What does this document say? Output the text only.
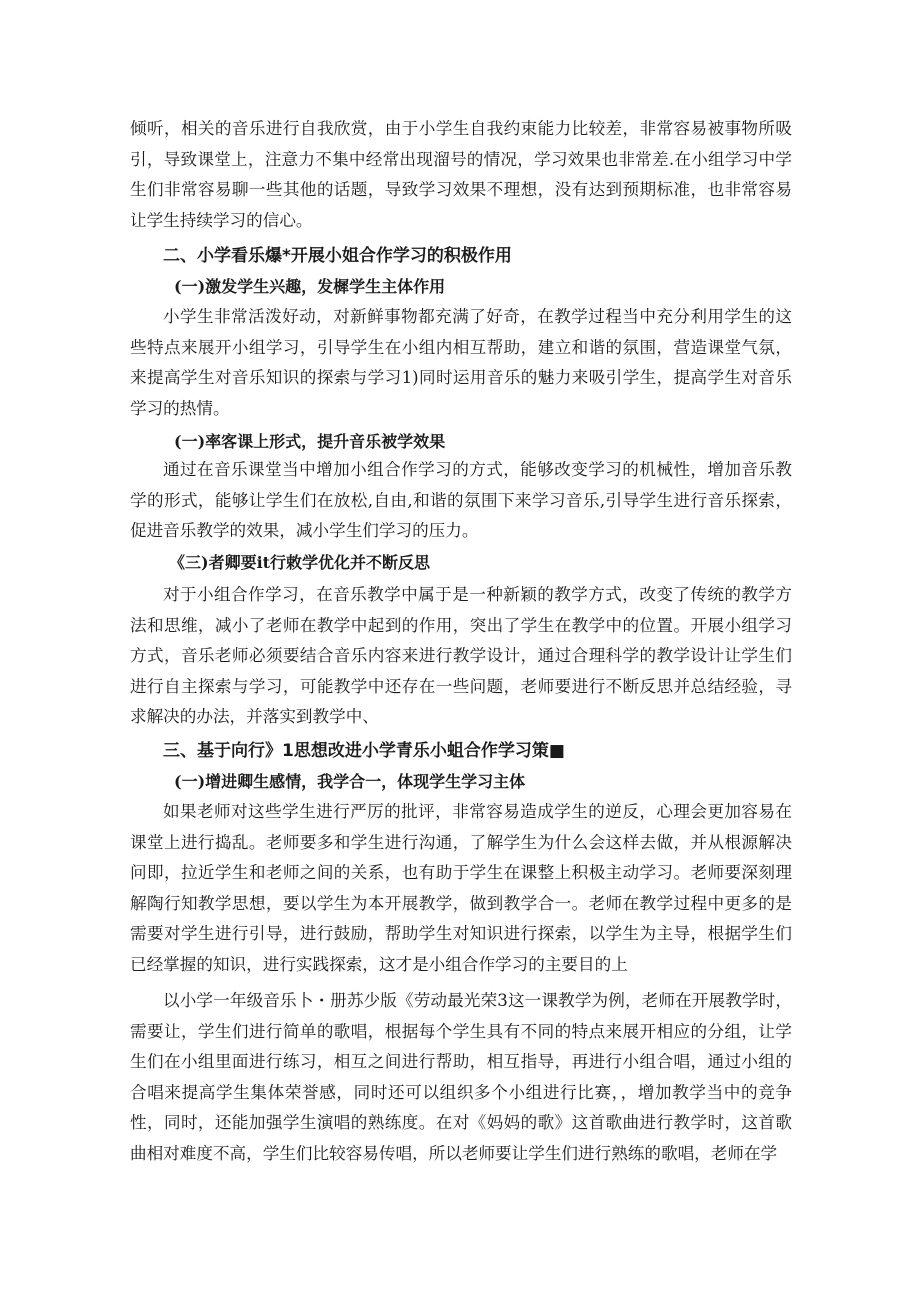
倾听，相关的音乐进行自我欣赏，由于小学生自我约束能力比较差，非常容易被事物所吸引，导致课堂上，注意力不集中经常出现溜号的情况，学习效果也非常差.在小组学习中学生们非常容易聊一些其他的话题，导致学习效果不理想，没有达到预期标准，也非常容易让学生持续学习的信心。

二、小学看乐爆*开展小姐合作学习的积极作用
(一)激发学生兴趣，发樨学生主体作用

小学生非常活泼好动，对新鲜事物都充满了好奇，在教学过程当中充分利用学生的这些特点来展开小组学习，引导学生在小组内相互帮助，建立和谐的氛围，营造课堂气氛，来提高学生对音乐知识的探索与学习1)同时运用音乐的魅力来吸引学生，提高学生对音乐学习的热情。

(一)率客课上形式，提升音乐被学效果

通过在音乐课堂当中增加小组合作学习的方式，能够改变学习的机械性，增加音乐教学的形式，能够让学生们在放松,自由,和谐的氛围下来学习音乐,引导学生进行音乐探索，促进音乐教学的效果，减小学生们学习的压力。

《三)者卿要it行敕学优化并不断反思

对于小组合作学习，在音乐教学中属于是一种新颖的教学方式，改变了传统的教学方法和思维，减小了老师在教学中起到的作用，突出了学生在教学中的位置。开展小组学习方式，音乐老师必须要结合音乐内容来进行教学设计，通过合理科学的教学设计让学生们进行自主探索与学习，可能教学中还存在一些问题，老师要进行不断反思并总结经验，寻求解决的办法，并落实到教学中、

三、基于向行》1思想改进小学青乐小蛆合作学习策■
(一)增进卿生感情，我学合一，体现学生学习主体

如果老师对这些学生进行严厉的批评，非常容易造成学生的逆反，心理会更加容易在课堂上进行捣乱。老师要多和学生进行沟通，了解学生为什么会这样去做，并从根源解决问即，拉近学生和老师之间的关系，也有助于学生在课整上积极主动学习。老师要深刻理解陶行知教学思想，要以学生为本开展教学，做到教学合一。老师在教学过程中更多的是需要对学生进行引导，进行鼓励，帮助学生对知识进行探索，以学生为主导，根据学生们已经掌握的知识，进行实践探索，这才是小组合作学习的主要目的上

以小学一年级音乐卜・册苏少版《劳动最光荣3这一课教学为例，老师在开展教学时，需要让，学生们进行简单的歌唱，根据每个学生具有不同的特点来展开相应的分组，让学生们在小组里面进行练习，相互之间进行帮助，相互指导，再进行小组合唱，通过小组的合唱来提高学生集体荣誉感，同时还可以组织多个小组进行比赛，，增加教学当中的竞争性，同时，还能加强学生演唱的熟练度。在对《妈妈的歌》这首歌曲进行教学时，这首歌曲相对难度不高，学生们比较容易传唱，所以老师要让学生们进行熟练的歌唱，老师在学
